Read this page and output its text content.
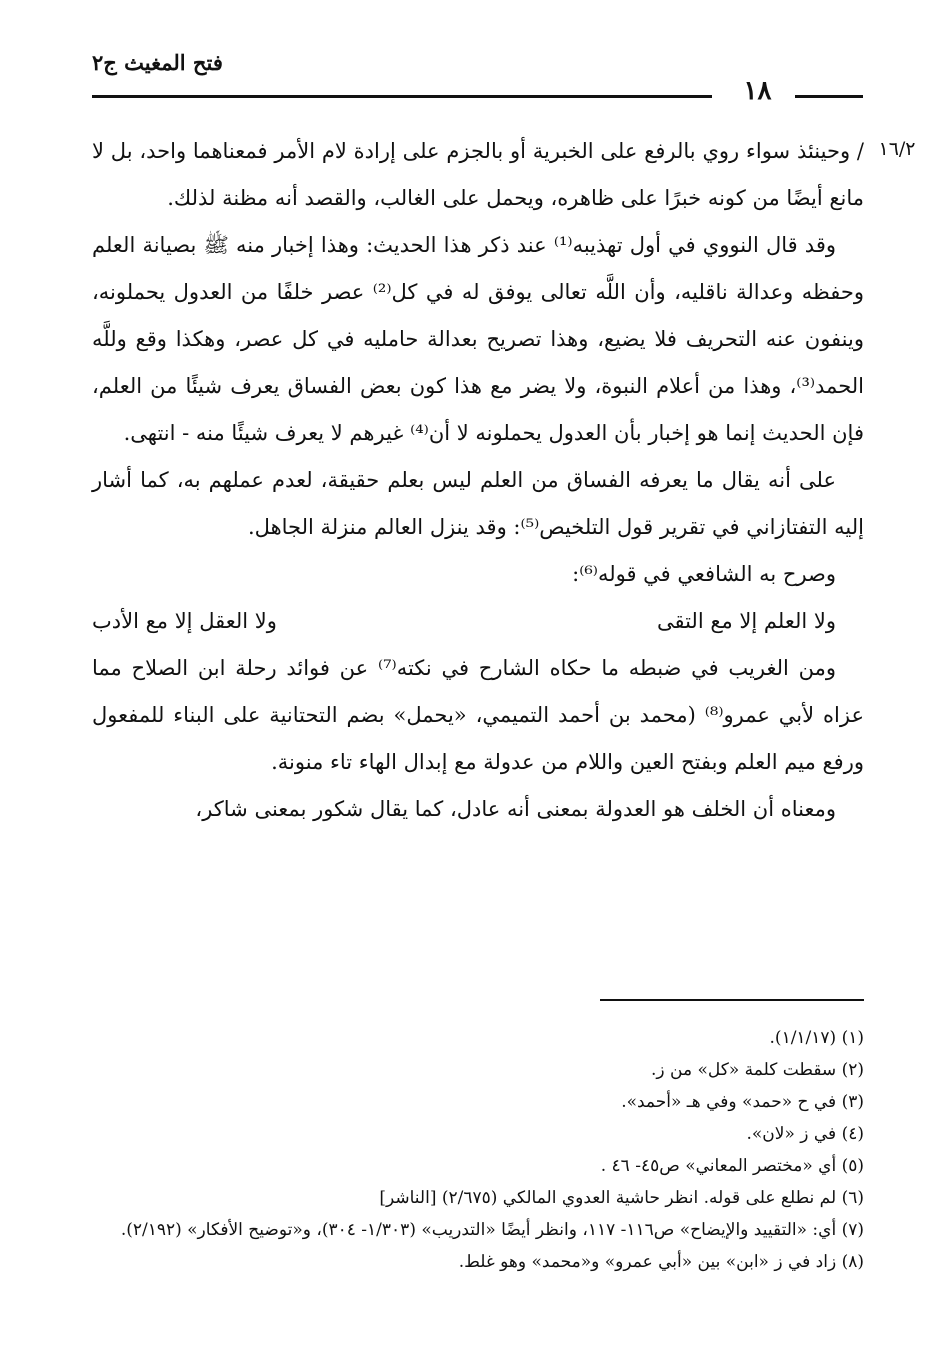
فتح المغيث ج٢
١٨
١٦/٢

/ وحينئذ سواء روي بالرفع على الخبرية أو بالجزم على إرادة لام الأمر فمعناهما واحد، بل لا مانع أيضًا من كونه خبرًا على ظاهره، ويحمل على الغالب، والقصد أنه مظنة لذلك.

وقد قال النووي في أول تهذيبه⁽¹⁾ عند ذكر هذا الحديث: وهذا إخبار منه ﷺ بصيانة العلم وحفظه وعدالة ناقليه، وأن اللَّه تعالى يوفق له في كل⁽²⁾ عصر خلفًا من العدول يحملونه، وينفون عنه التحريف فلا يضيع، وهذا تصريح بعدالة حامليه في كل عصر، وهكذا وقع وللَّه الحمد⁽³⁾، وهذا من أعلام النبوة، ولا يضر مع هذا كون بعض الفساق يعرف شيئًا من العلم، فإن الحديث إنما هو إخبار بأن العدول يحملونه لا أن⁽⁴⁾ غيرهم لا يعرف شيئًا منه - انتهى.

على أنه يقال ما يعرفه الفساق من العلم ليس بعلم حقيقة، لعدم عملهم به، كما أشار إليه التفتازاني في تقرير قول التلخيص⁽⁵⁾: وقد ينزل العالم منزلة الجاهل.

وصرح به الشافعي في قوله⁽⁶⁾:

ولا العلم إلا مع التقى
ولا العقل إلا مع الأدب

ومن الغريب في ضبطه ما حكاه الشارح في نكته⁽⁷⁾ عن فوائد رحلة ابن الصلاح مما عزاه لأبي عمرو⁽⁸⁾ (محمد بن أحمد التميمي، «يحمل» بضم التحتانية على البناء للمفعول ورفع ميم العلم وبفتح العين واللام من عدولة مع إبدال الهاء تاء منونة.

ومعناه أن الخلف هو العدولة بمعنى أنه عادل، كما يقال شكور بمعنى شاكر،

(١) (١/١/١٧).

(٢) سقطت كلمة «كل» من ز.

(٣) في ح «حمد» وفي هـ «أحمد».

(٤) في ز «لان».

(٥) أي «مختصر المعاني» ص٤٥- ٤٦ .

(٦) لم نطلع على قوله. انظر حاشية العدوي المالكي (٢/٦٧٥) [الناشر]

(٧) أي: «التقييد والإيضاح» ص١١٦- ١١٧، وانظر أيضًا «التدريب» (١/٣٠٣- ٣٠٤)، و«توضيح الأفكار» (٢/١٩٢).

(٨) زاد في ز «ابن» بين «أبي عمرو» و«محمد» وهو غلط.
